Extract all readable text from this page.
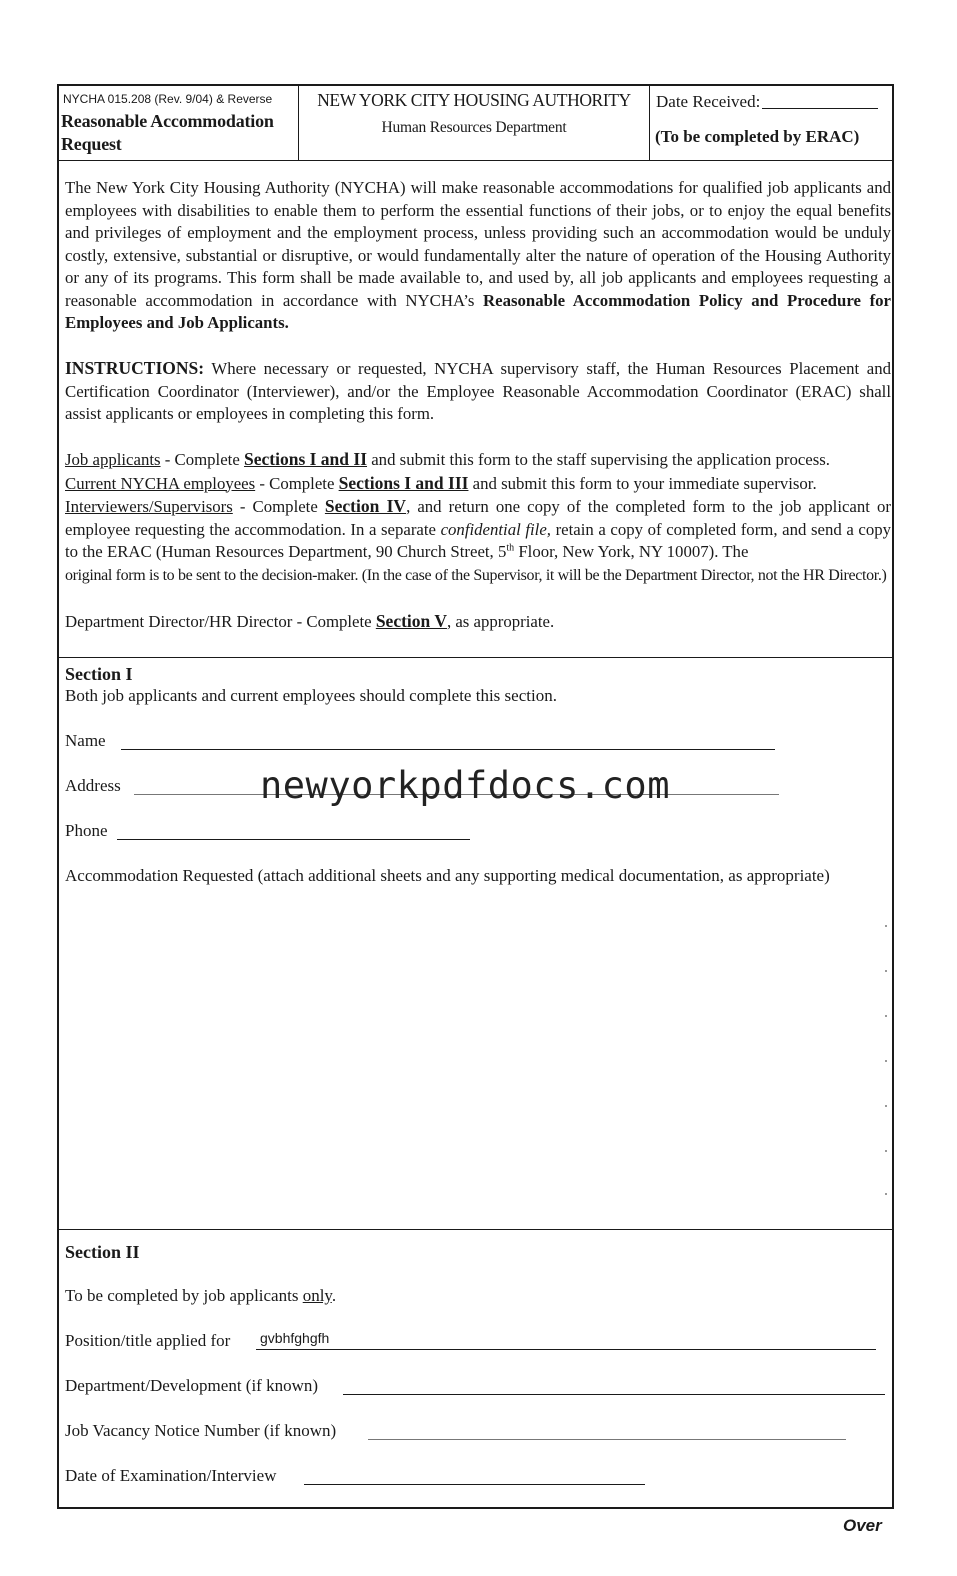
NYCHA 015.208 (Rev. 9/04) & Reverse
Reasonable Accommodation Request
NEW YORK CITY HOUSING AUTHORITY
Human Resources Department
Date Received:
(To be completed by ERAC)

The New York City Housing Authority (NYCHA) will make reasonable accommodations for qualified job applicants and employees with disabilities to enable them to perform the essential functions of their jobs, or to enjoy the equal benefits and privileges of employment and the employment process, unless providing such an accommodation would be unduly costly, extensive, substantial or disruptive, or would fundamentally alter the nature of operation of the Housing Authority or any of its programs. This form shall be made available to, and used by, all job applicants and employees requesting a reasonable accommodation in accordance with NYCHA’s Reasonable Accommodation Policy and Procedure for Employees and Job Applicants.

INSTRUCTIONS: Where necessary or requested, NYCHA supervisory staff, the Human Resources Placement and Certification Coordinator (Interviewer), and/or the Employee Reasonable Accommodation Coordinator (ERAC) shall assist applicants or employees in completing this form.

Job applicants - Complete Sections I and II and submit this form to the staff supervising the application process.
Current NYCHA employees - Complete Sections I and III and submit this form to your immediate supervisor.
Interviewers/Supervisors - Complete Section IV, and return one copy of the completed form to the job applicant or employee requesting the accommodation. In a separate confidential file, retain a copy of completed form, and send a copy to the ERAC (Human Resources Department, 90 Church Street, 5th Floor, New York, NY 10007). The
original form is to be sent to the decision-maker. (In the case of the Supervisor, it will be the Department Director, not the HR Director.)

Department Director/HR Director - Complete Section V, as appropriate.

Section I
Both job applicants and current employees should complete this section.
Name
Address
Phone
Accommodation Requested (attach additional sheets and any supporting medical documentation, as appropriate)
Section II
To be completed by job applicants only.
Position/title applied for gvbhfghgfh
Department/Development (if known)
Job Vacancy Notice Number (if known)
Date of Examination/Interview
newyorkpdfdocs.com
Over
